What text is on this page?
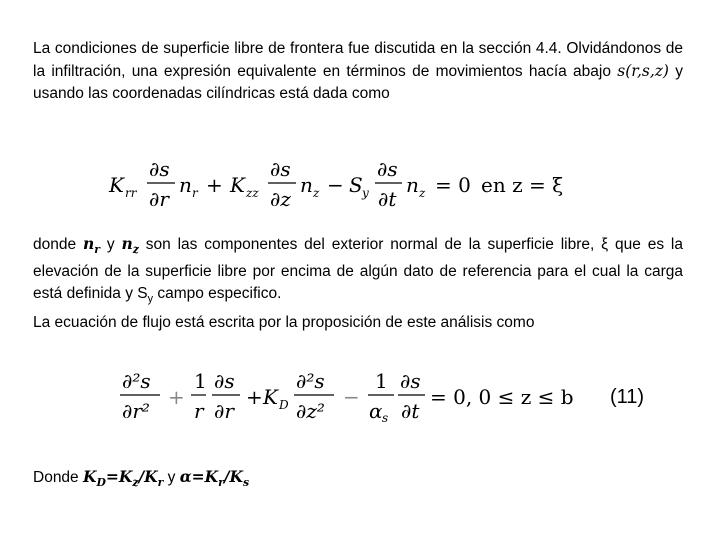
La condiciones de superficie libre de frontera fue discutida en la sección 4.4. Olvidándonos de la infiltración, una expresión equivalente en términos de movimientos hacía abajo s(r,s,z) y usando las coordenadas cilíndricas está dada como
K rr
∂s
∂r
n r + K zz
∂s
∂z
n z − S y
∂s
∂t
n z = 0 en z = ξ
donde $n_r$ y $n_z$ son las componentes del exterior normal de la superficie libre, ξ que es la elevación de la superficie libre por encima de algún dato de referencia para el cual la carga está definida y $S_y$ campo especifico.
La ecuación de flujo está escrita por la proposición de este análisis como
∂²s
∂r²
+
1
r
∂s
∂r
+ K D
∂²s
∂z²
−
1
α s
∂s
∂t
= 0, 0 ≤ z ≤ b (11)
Donde $K_D=K_z/K_r$ y $\alpha=K_r/K_s$
